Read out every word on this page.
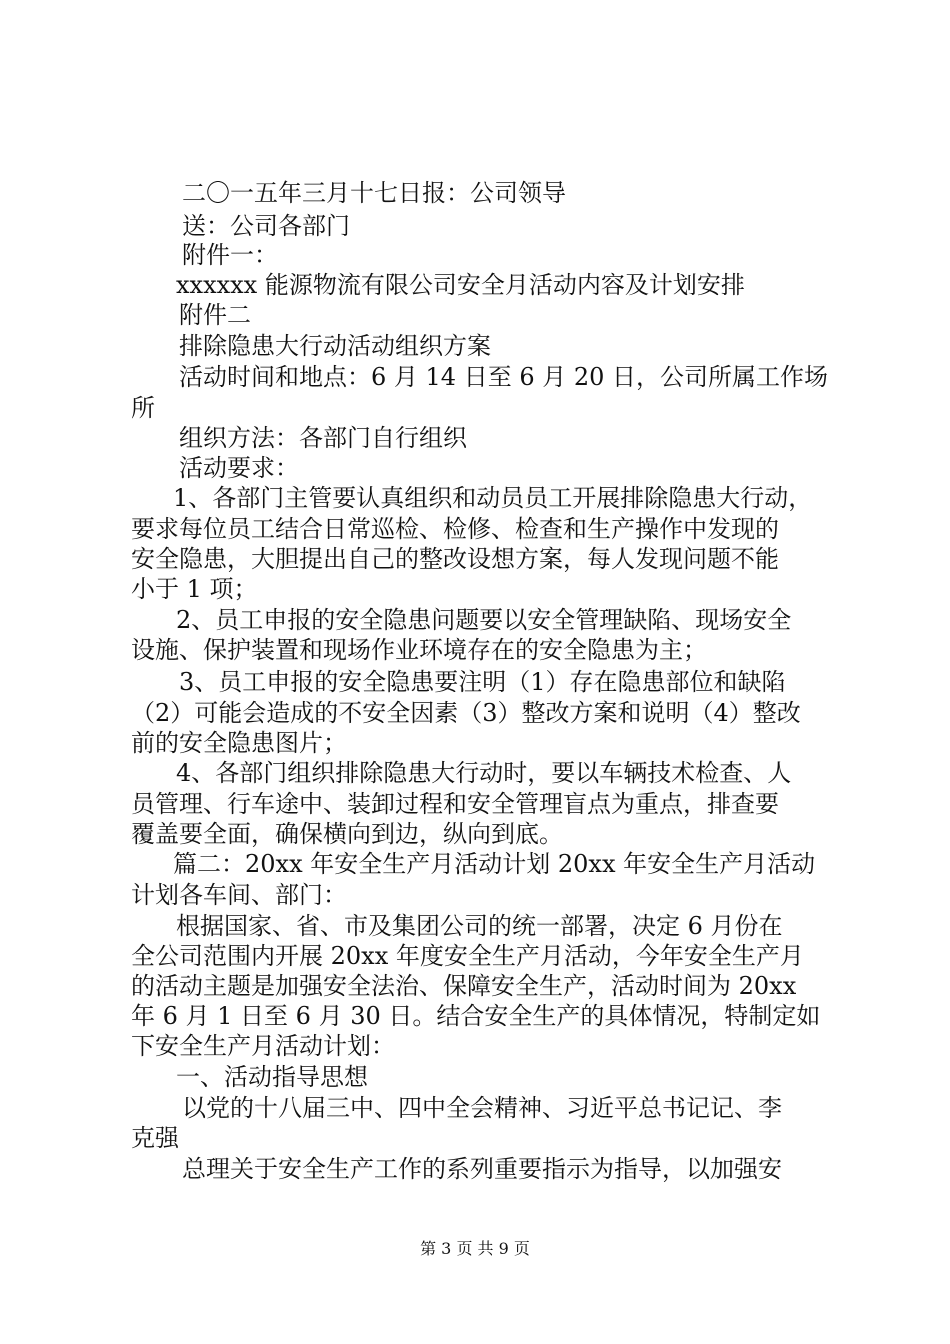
二〇一五年三月十七日报：公司领导
送：公司各部门
附件一：
xxxxxx 能源物流有限公司安全月活动内容及计划安排
附件二
排除隐患大行动活动组织方案
活动时间和地点：6 月 14 日至 6 月 20 日，公司所属工作场
所
组织方法：各部门自行组织
活动要求：
1、各部门主管要认真组织和动员员工开展排除隐患大行动，
要求每位员工结合日常巡检、检修、检查和生产操作中发现的
安全隐患，大胆提出自己的整改设想方案，每人发现问题不能
小于 1 项；
2、员工申报的安全隐患问题要以安全管理缺陷、现场安全
设施、保护装置和现场作业环境存在的安全隐患为主；
3、员工申报的安全隐患要注明（1）存在隐患部位和缺陷
（2）可能会造成的不安全因素（3）整改方案和说明（4）整改
前的安全隐患图片；
4、各部门组织排除隐患大行动时，要以车辆技术检查、人
员管理、行车途中、装卸过程和安全管理盲点为重点，排查要
覆盖要全面，确保横向到边，纵向到底。
篇二：20xx 年安全生产月活动计划 20xx 年安全生产月活动
计划各车间、部门：
根据国家、省、市及集团公司的统一部署，决定 6 月份在
全公司范围内开展 20xx 年度安全生产月活动，今年安全生产月
的活动主题是加强安全法治、保障安全生产，活动时间为 20xx
年 6 月 1 日至 6 月 30 日。结合安全生产的具体情况，特制定如
下安全生产月活动计划：
一、活动指导思想
以党的十八届三中、四中全会精神、习近平总书记记、李
克强
总理关于安全生产工作的系列重要指示为指导，以加强安
第 3 页 共 9 页
